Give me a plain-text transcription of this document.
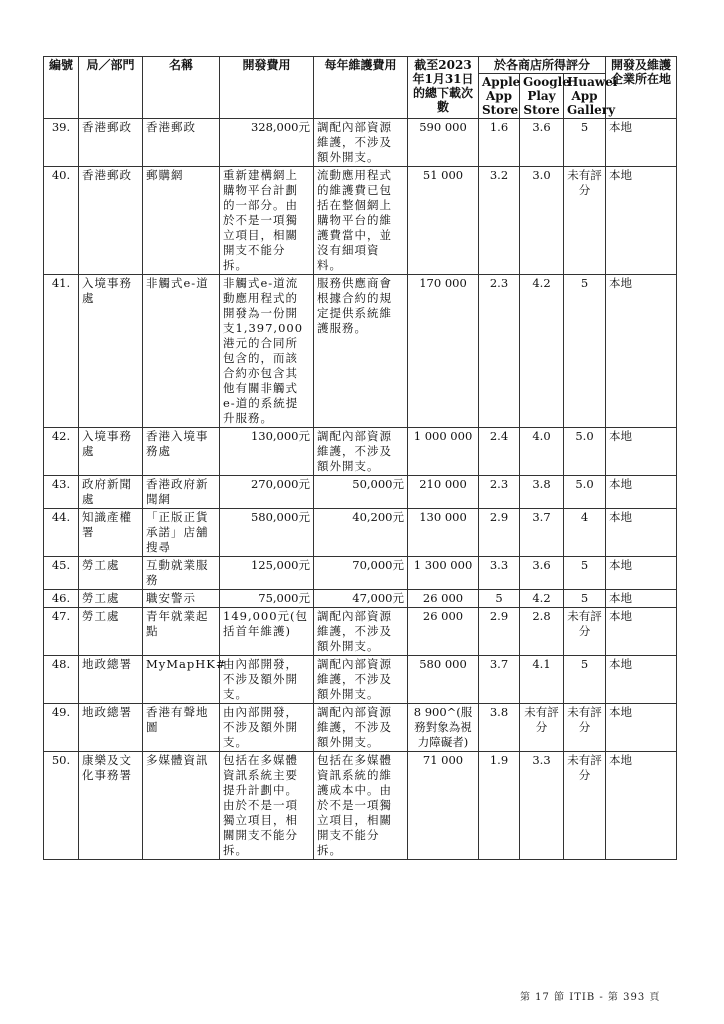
編號	局／部門	名稱	開發費用	每年維護費用	截至2023年1月31日的總下載次數	於各商店所得評分			開發及維護企業所在地
						Apple App Store	Google Play Store	Huawei App Gallery	
39.	香港郵政	香港郵政	328,000元	調配內部資源維護，不涉及額外開支。	590 000	1.6	3.6	5	本地
40.	香港郵政	郵購網	重新建構網上購物平台計劃的一部分。由於不是一項獨立項目，相關開支不能分拆。	流動應用程式的維護費已包括在整個網上購物平台的維護費當中，並沒有細項資料。	51 000	3.2	3.0	未有評分	本地
41.	入境事務處	非觸式e-道	非觸式e-道流動應用程式的開發為一份開支1,397,000港元的合同所包含的，而該合約亦包含其他有關非觸式e-道的系統提升服務。	服務供應商會根據合約的規定提供系統維護服務。	170 000	2.3	4.2	5	本地
42.	入境事務處	香港入境事務處	130,000元	調配內部資源維護，不涉及額外開支。	1 000 000	2.4	4.0	5.0	本地
43.	政府新聞處	香港政府新聞網	270,000元	50,000元	210 000	2.3	3.8	5.0	本地
44.	知識產權署	「正版正貨承諾」店舖搜尋	580,000元	40,200元	130 000	2.9	3.7	4	本地
45.	勞工處	互動就業服務	125,000元	70,000元	1 300 000	3.3	3.6	5	本地
46.	勞工處	職安警示	75,000元	47,000元	26 000	5	4.2	5	本地
47.	勞工處	青年就業起點	149,000元(包括首年維護)	調配內部資源維護，不涉及額外開支。	26 000	2.9	2.8	未有評分	本地
48.	地政總署	MyMapHK#	由內部開發，不涉及額外開支。	調配內部資源維護，不涉及額外開支。	580 000	3.7	4.1	5	本地
49.	地政總署	香港有聲地圖	由內部開發，不涉及額外開支。	調配內部資源維護，不涉及額外開支。	8 900^(服務對象為視力障礙者)	3.8	未有評分	未有評分	本地
50.	康樂及文化事務署	多媒體資訊	包括在多媒體資訊系統主要提升計劃中。由於不是一項獨立項目，相關開支不能分拆。	包括在多媒體資訊系統的維護成本中。由於不是一項獨立項目，相關開支不能分拆。	71 000	1.9	3.3	未有評分	本地
第 17 節 ITIB - 第 393 頁
